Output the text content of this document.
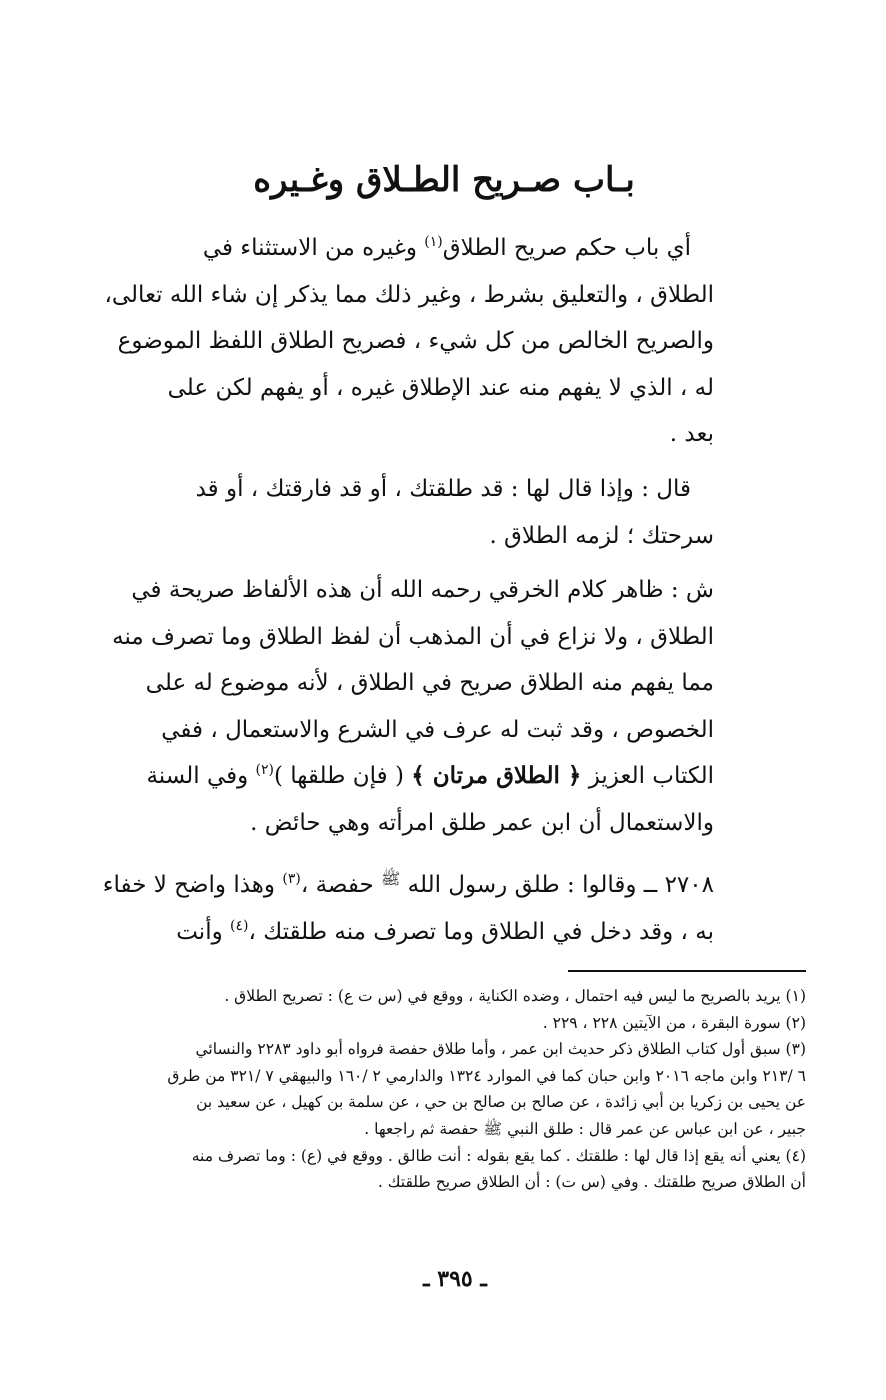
بـاب صـريح الطـلاق وغـيره
 أي باب حكم صريح الطلاق$^{(١)}$ وغيره من الاستثناء في
الطلاق ، والتعليق بشرط ، وغير ذلك مما يذكر إن شاء الله تعالى،
والصريح الخالص من كل شيء ، فصريح الطلاق اللفظ الموضوع
له ، الذي لا يفهم منه عند الإطلاق غيره ، أو يفهم لكن على
بعد .
 قال : وإذا قال لها : قد طلقتك ، أو قد فارقتك ، أو قد
سرحتك ؛ لزمه الطلاق .
ش : ظاهر كلام الخرقي رحمه الله أن هذه الألفاظ صريحة في
الطلاق ، ولا نزاع في أن المذهب أن لفظ الطلاق وما تصرف منه
مما يفهم منه الطلاق صريح في الطلاق ، لأنه موضوع له على
الخصوص ، وقد ثبت له عرف في الشرع والاستعمال ، ففي
الكتاب العزيز ﴿ الطلاق مرتان ﴾ ( فإن طلقها )$^{(٢)}$ وفي السنة
والاستعمال أن ابن عمر طلق امرأته وهي حائض .
٢٧٠٨ ــ وقالوا : طلق رسول الله $^ﷺ$ حفصة ،$^{(٣)}$ وهذا واضح لا خفاء
به ، وقد دخل في الطلاق وما تصرف منه طلقتك ،$^{(٤)}$ وأنت
(١) يريد بالصريح ما ليس فيه احتمال ، وضده الكناية ، ووقع في (س ت ع) : تصريح الطلاق .
(٢) سورة البقرة ، من الآيتين ٢٢٨ ، ٢٢٩ .
(٣) سبق أول كتاب الطلاق ذكر حديث ابن عمر ، وأما طلاق حفصة فرواه أبو داود ٢٢٨٣ والنسائي
٦ /٢١٣ وابن ماجه ٢٠١٦ وابن حبان كما في الموارد ١٣٢٤ والدارمي ٢ /١٦٠ والبيهقي ٧ /٣٢١ من طرق
عن يحيى بن زكريا بن أبي زائدة ، عن صالح بن صالح بن حي ، عن سلمة بن كهيل ، عن سعيد بن
جبير ، عن ابن عباس عن عمر قال : طلق النبي ﷺ حفصة ثم راجعها .
(٤) يعني أنه يقع إذا قال لها : طلقتك . كما يقع بقوله : أنت طالق . ووقع في (ع) : وما تصرف منه
أن الطلاق صريح طلقتك . وفي (س ت) : أن الطلاق صريح طلقتك .
ـ ٣٩٥ ـ
